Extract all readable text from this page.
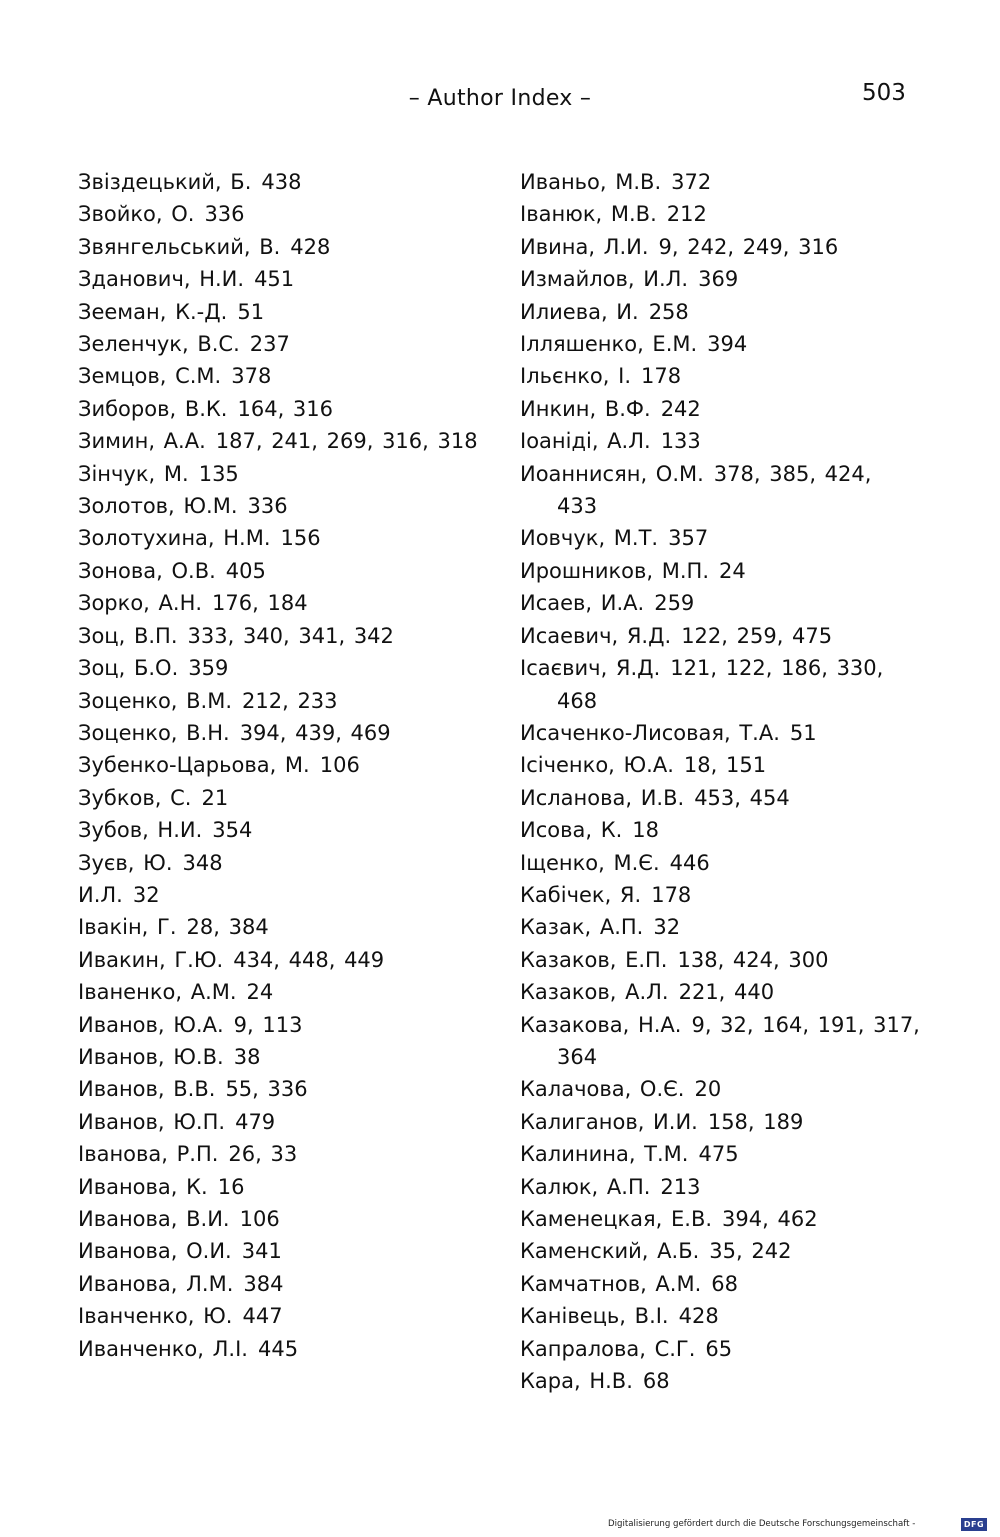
– Author Index –	503
Звіздецький, Б. 438
Звойко, О. 336
Звянгельський, В. 428
Зданович, Н.И. 451
Зееман, К.-Д. 51
Зеленчук, В.С. 237
Земцов, С.М. 378
Зиборов, В.К. 164, 316
Зимин, А.А. 187, 241, 269, 316, 318
Зінчук, М. 135
Золотов, Ю.М. 336
Золотухина, Н.М. 156
Зонова, О.В. 405
Зорко, А.Н. 176, 184
Зоц, В.П. 333, 340, 341, 342
Зоц, Б.О. 359
Зоценко, В.М. 212, 233
Зоценко, В.Н. 394, 439, 469
Зубенко-Царьова, М. 106
Зубков, С. 21
Зубов, Н.И. 354
Зуєв, Ю. 348
И.Л. 32
Івакін, Г. 28, 384
Ивакин, Г.Ю. 434, 448, 449
Іваненко, А.М. 24
Иванов, Ю.А. 9, 113
Иванов, Ю.В. 38
Иванов, В.В. 55, 336
Иванов, Ю.П. 479
Іванова, Р.П. 26, 33
Иванова, К. 16
Иванова, В.И. 106
Иванова, О.И. 341
Иванова, Л.М. 384
Іванченко, Ю. 447
Иванченко, Л.І. 445
Иваньо, М.В. 372
Іванюк, М.В. 212
Ивина, Л.И. 9, 242, 249, 316
Измайлов, И.Л. 369
Илиева, И. 258
Ілляшенко, Е.М. 394
Ільєнко, І. 178
Инкин, В.Ф. 242
Іоаніді, А.Л. 133
Иоаннисян, О.М. 378, 385, 424, 433
Иовчук, М.Т. 357
Ирошников, М.П. 24
Исаев, И.А. 259
Исаевич, Я.Д. 122, 259, 475
Ісаєвич, Я.Д. 121, 122, 186, 330, 468
Исаченко-Лисовая, Т.А. 51
Ісіченко, Ю.А. 18, 151
Исланова, И.В. 453, 454
Исова, К. 18
Іщенко, М.Є. 446
Кабічек, Я. 178
Казак, А.П. 32
Казаков, Е.П. 138, 424, 300
Казаков, А.Л. 221, 440
Казакова, Н.А. 9, 32, 164, 191, 317, 364
Калачова, О.Є. 20
Калиганов, И.И. 158, 189
Калинина, Т.М. 475
Калюк, А.П. 213
Каменецкая, Е.В. 394, 462
Каменский, А.Б. 35, 242
Камчатнов, А.М. 68
Канівець, В.І. 428
Капралова, С.Г. 65
Кара, Н.В. 68
Digitalisierung gefördert durch die Deutsche Forschungsgemeinschaft -	DFG
